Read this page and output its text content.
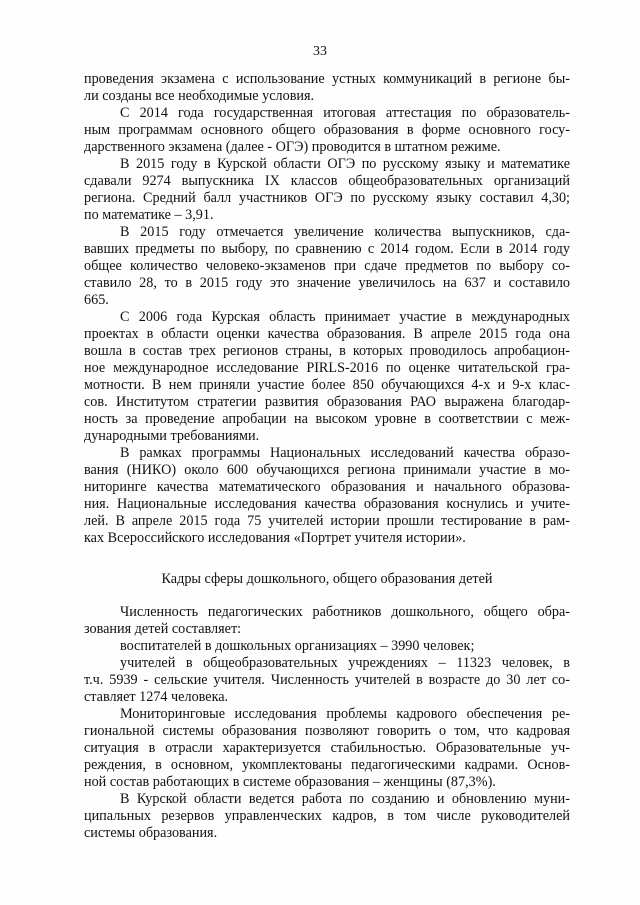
33
проведения экзамена с использование устных коммуникаций в регионе бы-
ли созданы все необходимые условия.
С 2014 года государственная итоговая аттестация по образователь-
ным программам основного общего образования в форме основного госу-
дарственного экзамена (далее - ОГЭ) проводится в штатном режиме.
В 2015 году в Курской области ОГЭ по русскому языку и математике
сдавали 9274 выпускника IX классов общеобразовательных организаций
региона. Средний балл участников ОГЭ по русскому языку составил 4,30;
по математике – 3,91.
В 2015 году отмечается увеличение количества выпускников, сда-
вавших предметы по выбору, по сравнению с 2014 годом. Если в 2014 году
общее количество человеко-экзаменов при сдаче предметов по выбору со-
ставило 28, то в 2015 году это значение увеличилось на 637 и составило
665.
С 2006 года Курская область принимает участие в международных
проектах в области оценки качества образования. В апреле 2015 года она
вошла в состав трех регионов страны, в которых проводилось апробацион-
ное международное исследование PIRLS-2016 по оценке читательской гра-
мотности. В нем приняли участие более 850 обучающихся 4-х и 9-х клас-
сов. Институтом стратегии развития образования РАО выражена благодар-
ность за проведение апробации на высоком уровне в соответствии с меж-
дународными требованиями.
В рамках программы Национальных исследований качества образо-
вания (НИКО) около 600 обучающихся региона принимали участие в мо-
ниторинге качества математического образования и начального образова-
ния. Национальные исследования качества образования коснулись и учите-
лей. В апреле 2015 года 75 учителей истории прошли тестирование в рам-
ках Всероссийского исследования «Портрет учителя истории».
Кадры сферы дошкольного, общего образования детей
Численность педагогических работников дошкольного, общего обра-
зования детей составляет:
воспитателей в дошкольных организациях – 3990 человек;
учителей в общеобразовательных учреждениях – 11323 человек, в
т.ч. 5939 - сельские учителя. Численность учителей в возрасте до 30 лет со-
ставляет 1274 человека.
Мониторинговые исследования проблемы кадрового обеспечения ре-
гиональной системы образования позволяют говорить о том, что кадровая
ситуация в отрасли характеризуется стабильностью. Образовательные уч-
реждения, в основном, укомплектованы педагогическими кадрами. Основ-
ной состав работающих в системе образования – женщины (87,3%).
В Курской области ведется работа по созданию и обновлению муни-
ципальных резервов управленческих кадров, в том числе руководителей
системы образования.
